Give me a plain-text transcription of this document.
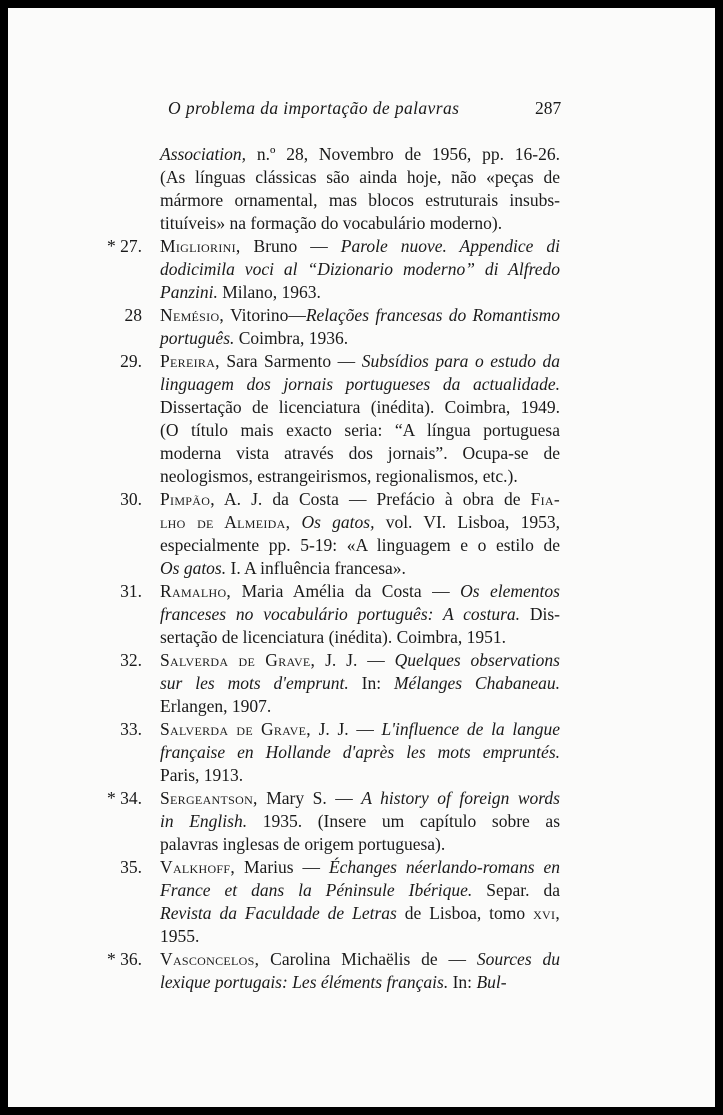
O problema da importação de palavras	287
Association, n.º 28, Novembro de 1956, pp. 16-26.
(As línguas clássicas são ainda hoje, não «peças de
mármore ornamental, mas blocos estruturais insubs-
tituíveis» na formação do vocabulário moderno).
* 27. Migliorini, Bruno — Parole nuove. Appendice di
dodicimila voci al “Dizionario moderno” di Alfredo
Panzini. Milano, 1963.
28 Nemésio, Vitorino—Relações francesas do Romantismo
português. Coimbra, 1936.
29. Pereira, Sara Sarmento — Subsídios para o estudo da
linguagem dos jornais portugueses da actualidade.
Dissertação de licenciatura (inédita). Coimbra, 1949.
(O título mais exacto seria: “A língua portuguesa
moderna vista através dos jornais”. Ocupa-se de
neologismos, estrangeirismos, regionalismos, etc.).
30. Pimpão, A. J. da Costa — Prefácio à obra de Fia-
lho de Almeida, Os gatos, vol. VI. Lisboa, 1953,
especialmente pp. 5-19: «A linguagem e o estilo de
Os gatos. I. A influência francesa».
31. Ramalho, Maria Amélia da Costa — Os elementos
franceses no vocabulário português: A costura. Dis-
sertação de licenciatura (inédita). Coimbra, 1951.
32. Salverda de Grave, J. J. — Quelques observations
sur les mots d'emprunt. In: Mélanges Chabaneau.
Erlangen, 1907.
33. Salverda de Grave, J. J. — L'influence de la langue
française en Hollande d'après les mots empruntés.
Paris, 1913.
* 34. Sergeantson, Mary S. — A history of foreign words
in English. 1935. (Insere um capítulo sobre as
palavras inglesas de origem portuguesa).
35. Valkhoff, Marius — Échanges néerlando-romans en
France et dans la Péninsule Ibérique. Separ. da
Revista da Faculdade de Letras de Lisboa, tomo xvi,
1955.
* 36. Vasconcelos, Carolina Michaëlis de — Sources du
lexique portugais: Les éléments français. In: Bul-
